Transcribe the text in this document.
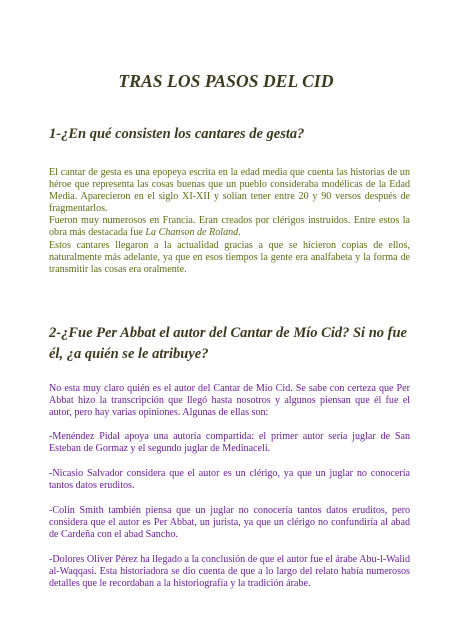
TRAS LOS PASOS DEL CID
1-¿En qué consisten los cantares de gesta?

El cantar de gesta es una epopeya escrita en la edad media que cuenta las historias de un héroe que representa las cosas buenas que un pueblo consideraba modélicas de la Edad Media. Aparecieron en el siglo XI-XII y solían tener entre 20 y 90 versos después de fragmentarlos.

Fueron muy numerosos en Francia. Eran creados por clérigos instruidos. Entre estos la obra más destacada fue La Chanson de Roland.

Estos cantares llegaron a la actualidad gracias a que se hicieron copias de ellos, naturalmente más adelante, ya que en esos tiempos la gente era analfabeta y la forma de transmitir las cosas era oralmente.

2-¿Fue Per Abbat el autor del Cantar de Mío Cid? Si no fue él, ¿a quién se le atribuye?

No esta muy claro quién es el autor del Cantar de Mío Cid. Se sabe con certeza que Per Abbat hizo la transcripción que llegó hasta nosotros y algunos piensan que él fue el autor, pero hay varias opiniones. Algunas de ellas son:

-Menéndez Pidal apoya una autoría compartida: el primer autor sería juglar de San Esteban de Gormaz y el segundo juglar de Medinaceli.

-Nicasio Salvador considera que el autor es un clérigo, ya que un juglar no conocería tantos datos eruditos.

-Colin Smith también piensa que un juglar no conocería tantos datos eruditos, pero considera que el autor es Per Abbat, un jurista, ya que un clérigo no confundiría al abad de Cardeña con el abad Sancho.

-Dolores Oliver Pérez ha llegado a la conclusión de que el autor fue el árabe Abu-l-Walid al-Waqqasi. Esta historiadora se dio cuenta de que a lo largo del relato había numerosos detalles que le recordaban a la historiografía y la tradición árabe.
